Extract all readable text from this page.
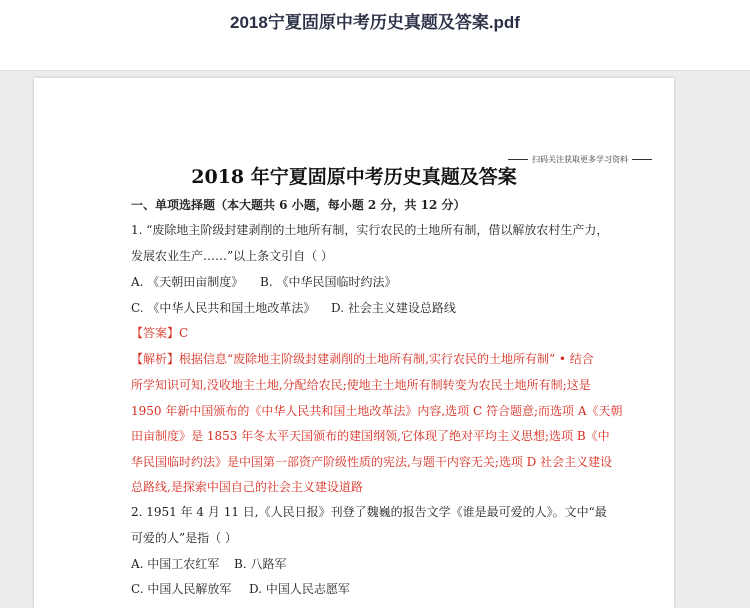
2018宁夏固原中考历史真题及答案.pdf
扫码关注获取更多学习资料
2018 年宁夏固原中考历史真题及答案
一、单项选择题（本大题共 6 小题，每小题 2 分，共 12 分）
1. “废除地主阶级封建剥削的土地所有制，实行农民的土地所有制，借以解放农村生产力，
发展农业生产……”以上条文引自（ ）
A. 《天朝田亩制度》 B. 《中华民国临时约法》
C. 《中华人民共和国土地改革法》 D. 社会主义建设总路线
【答案】C
【解析】根据信息“废除地主阶级封建剥削的土地所有制,实行农民的土地所有制” • 结合
所学知识可知,没收地主土地,分配给农民;使地主土地所有制转变为农民土地所有制;这是
1950 年新中国颁布的《中华人民共和国土地改革法》内容,选项 C 符合题意;而选项 A《天朝
田亩制度》是 1853 年冬太平天国颁布的建国纲领,它体现了绝对平均主义思想;选项 B《中
华民国临时约法》是中国第一部资产阶级性质的宪法,与题干内容无关;选项 D 社会主义建设
总路线,是探索中国自己的社会主义建设道路
2. 1951 年 4 月 11 日,《人民日报》刊登了魏巍的报告文学《谁是最可爱的人》。文中“最
可爱的人”是指（ ）
A. 中国工农红军 B. 八路军
C. 中国人民解放军 D. 中国人民志愿军
